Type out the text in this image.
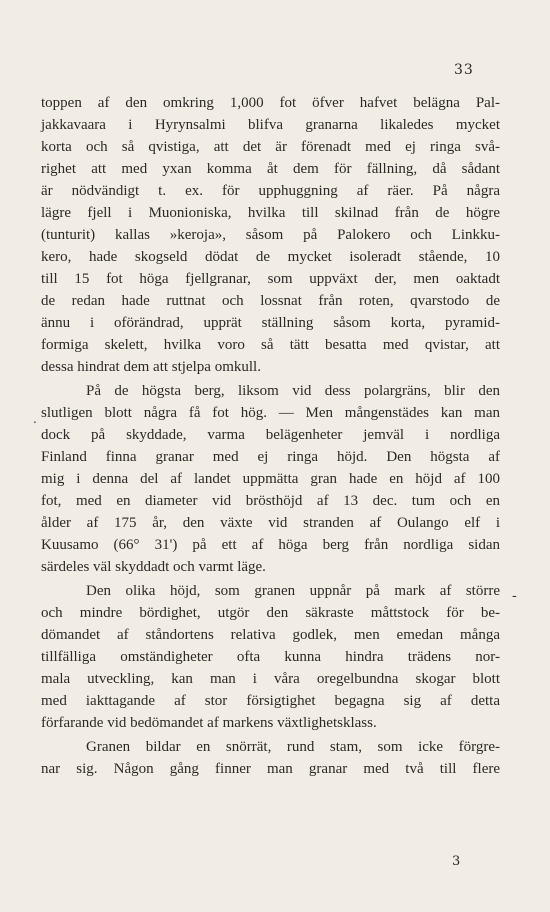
33
.
-
toppen af den omkring 1,000 fot öfver hafvet belägna Pal-
jakkavaara i Hyrynsalmi blifva granarna likaledes mycket
korta och så qvistiga, att det är förenadt med ej ringa svå-
righet att med yxan komma åt dem för fällning, då sådant
är nödvändigt t. ex. för upphuggning af räer. På några
lägre fjell i Muonioniska, hvilka till skilnad från de högre
(tunturit) kallas »keroja», såsom på Palokero och Linkku-
kero, hade skogseld dödat de mycket isoleradt stående, 10
till 15 fot höga fjellgranar, som uppväxt der, men oaktadt
de redan hade ruttnat och lossnat från roten, qvarstodo de
ännu i oförändrad, upprät ställning såsom korta, pyramid-
formiga skelett, hvilka voro så tätt besatta med qvistar, att
dessa hindrat dem att stjelpa omkull.
På de högsta berg, liksom vid dess polargräns, blir den
slutligen blott några få fot hög. — Men mångenstädes kan man
dock på skyddade, varma belägenheter jemväl i nordliga
Finland finna granar med ej ringa höjd. Den högsta af
mig i denna del af landet uppmätta gran hade en höjd af 100
fot, med en diameter vid brösthöjd af 13 dec. tum och en
ålder af 175 år, den växte vid stranden af Oulango elf i
Kuusamo (66° 31') på ett af höga berg från nordliga sidan
särdeles väl skyddadt och varmt läge.
Den olika höjd, som granen uppnår på mark af större
och mindre bördighet, utgör den säkraste måttstock för be-
dömandet af ståndortens relativa godlek, men emedan många
tillfälliga omständigheter ofta kunna hindra trädens nor-
mala utveckling, kan man i våra oregelbundna skogar blott
med iakttagande af stor försigtighet begagna sig af detta
förfarande vid bedömandet af markens växtlighetsklass.
Granen bildar en snörrät, rund stam, som icke förgre-
nar sig. Någon gång finner man granar med två till flere
3
